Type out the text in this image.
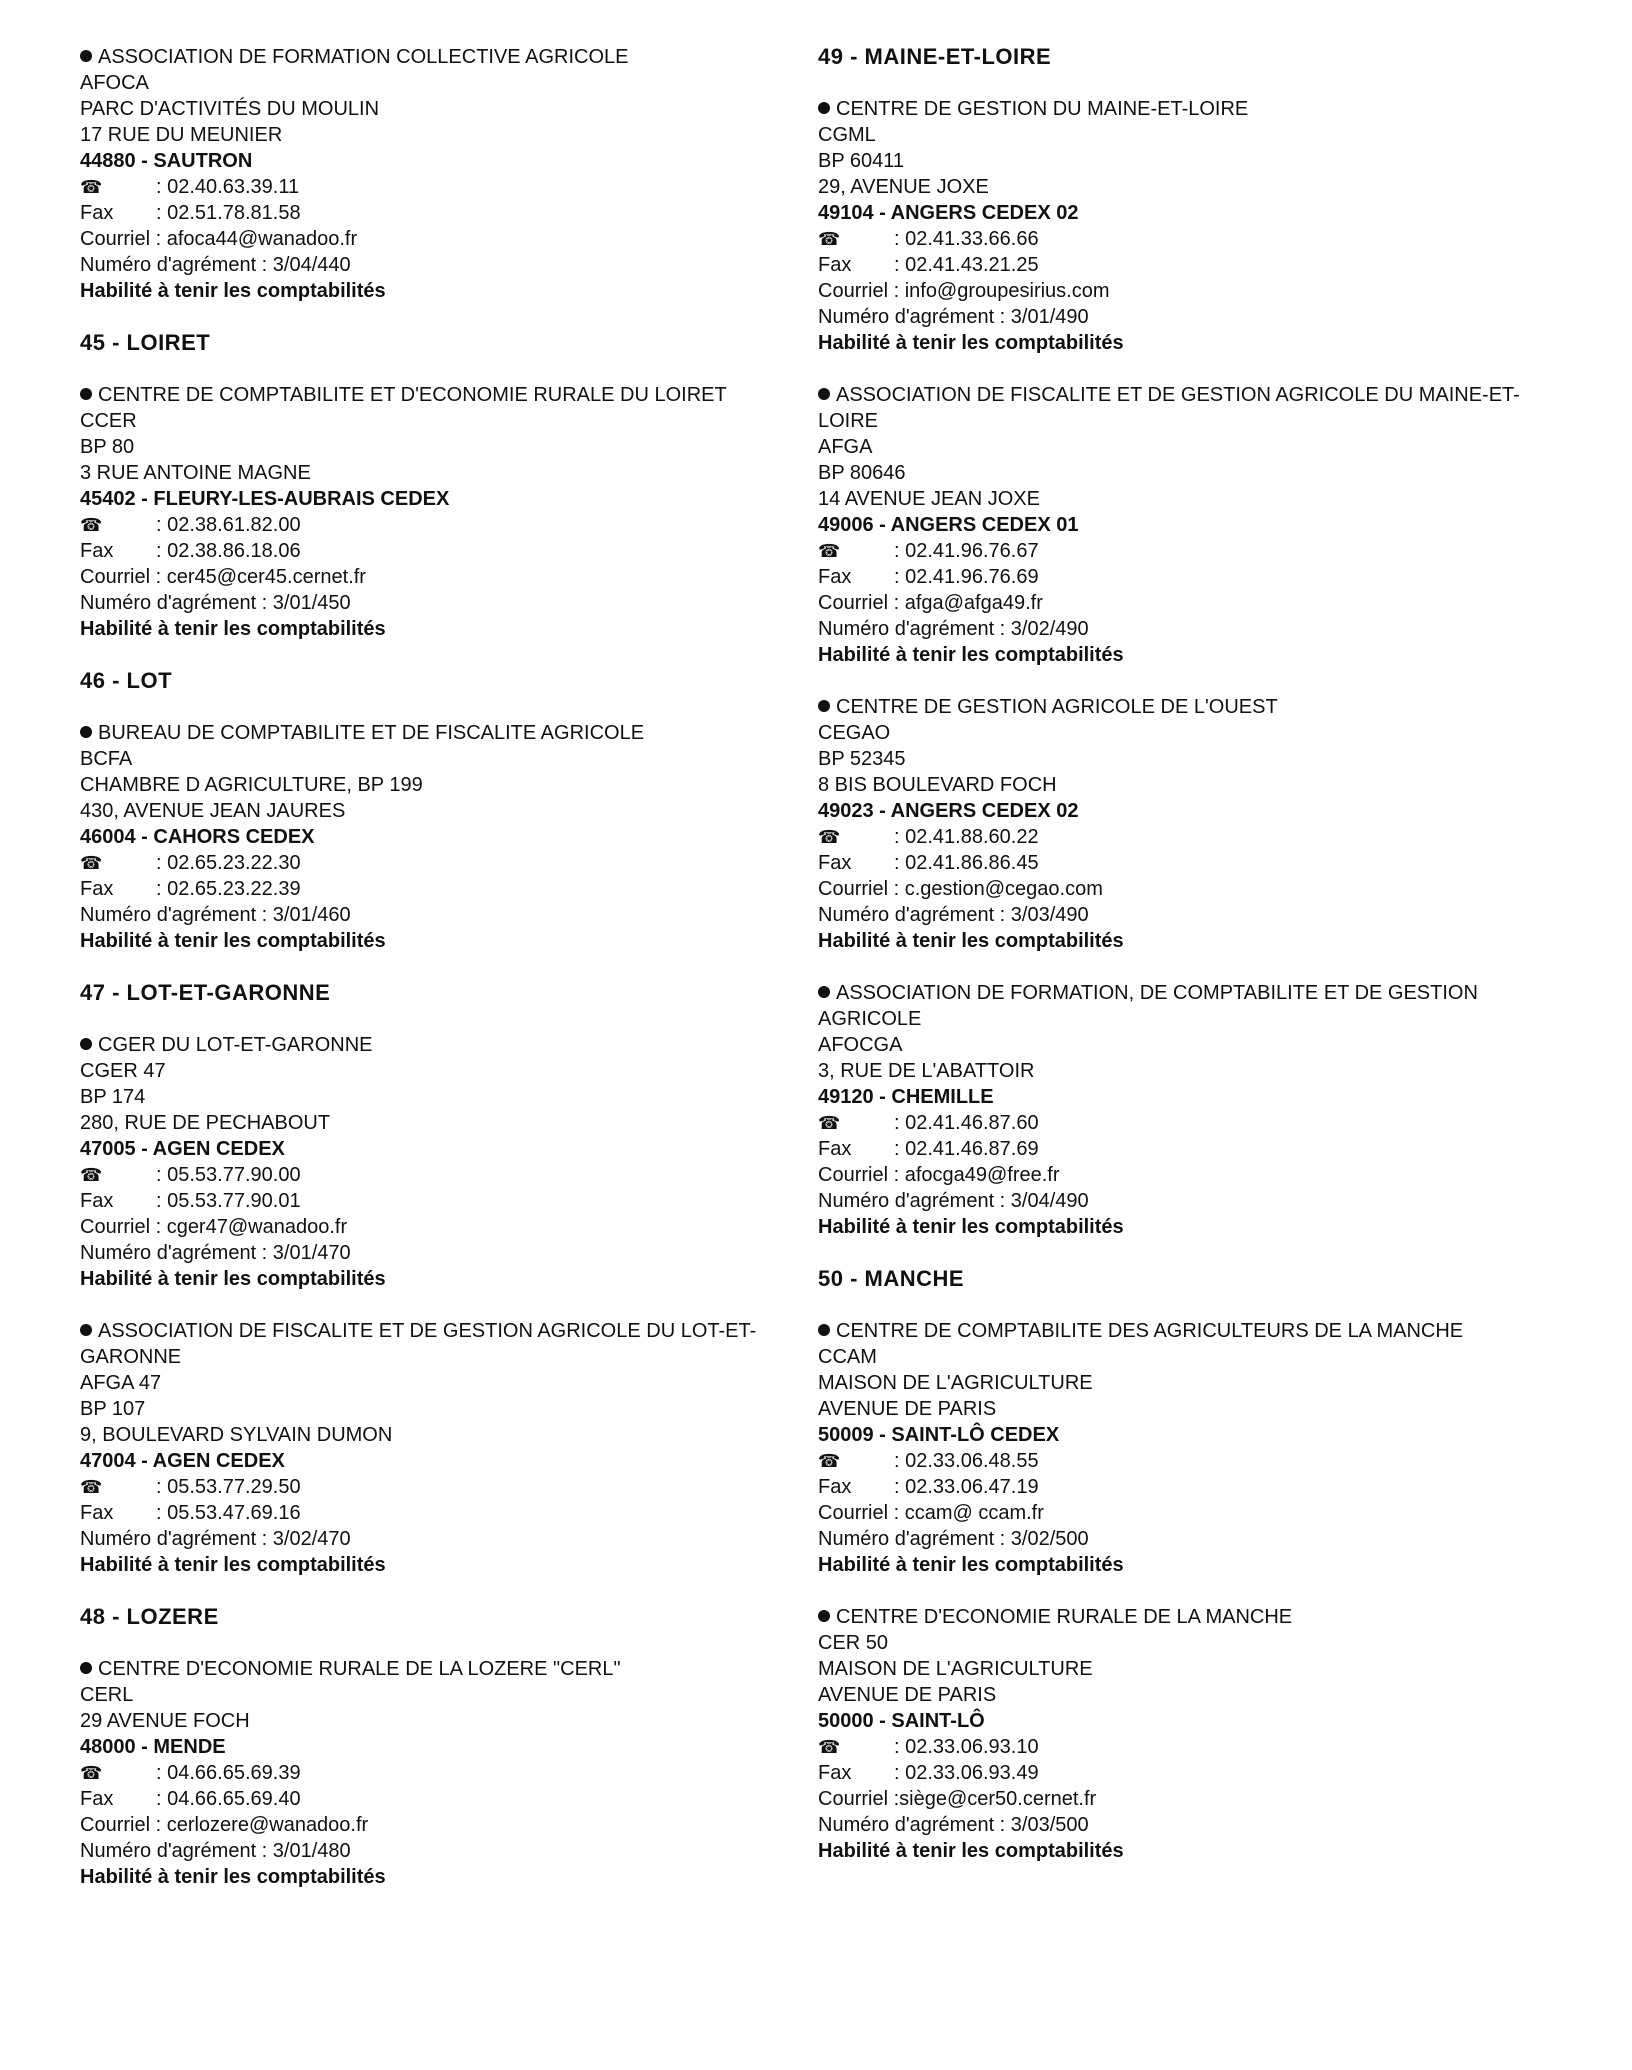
ASSOCIATION DE FORMATION COLLECTIVE AGRICOLE
AFOCA
PARC D'ACTIVITÉS DU MOULIN
17 RUE DU MEUNIER
44880 - SAUTRON
☎	: 02.40.63.39.11
Fax : 02.51.78.81.58
Courriel : afoca44@wanadoo.fr
Numéro d'agrément : 3/04/440
Habilité à tenir les comptabilités
45 - LOIRET
CENTRE DE COMPTABILITE ET D'ECONOMIE RURALE DU LOIRET
CCER
BP 80
3 RUE ANTOINE MAGNE
45402 - FLEURY-LES-AUBRAIS CEDEX
☎	: 02.38.61.82.00
Fax : 02.38.86.18.06
Courriel : cer45@cer45.cernet.fr
Numéro d'agrément : 3/01/450
Habilité à tenir les comptabilités
46 - LOT
BUREAU DE COMPTABILITE ET DE FISCALITE AGRICOLE
BCFA
CHAMBRE D AGRICULTURE, BP 199
430, AVENUE JEAN JAURES
46004 - CAHORS CEDEX
☎	: 02.65.23.22.30
Fax : 02.65.23.22.39
Numéro d'agrément : 3/01/460
Habilité à tenir les comptabilités
47 - LOT-ET-GARONNE
CGER DU LOT-ET-GARONNE
CGER 47
BP 174
280, RUE DE PECHABOUT
47005 - AGEN CEDEX
☎	: 05.53.77.90.00
Fax : 05.53.77.90.01
Courriel : cger47@wanadoo.fr
Numéro d'agrément : 3/01/470
Habilité à tenir les comptabilités
ASSOCIATION DE FISCALITE ET DE GESTION AGRICOLE DU LOT-ET-GARONNE
AFGA 47
BP 107
9, BOULEVARD SYLVAIN DUMON
47004 - AGEN CEDEX
☎	: 05.53.77.29.50
Fax : 05.53.47.69.16
Numéro d'agrément : 3/02/470
Habilité à tenir les comptabilités
48 - LOZERE
CENTRE D'ECONOMIE RURALE DE LA LOZERE "CERL"
CERL
29 AVENUE FOCH
48000 - MENDE
☎	: 04.66.65.69.39
Fax : 04.66.65.69.40
Courriel : cerlozere@wanadoo.fr
Numéro d'agrément : 3/01/480
Habilité à tenir les comptabilités
49 - MAINE-ET-LOIRE
CENTRE DE GESTION DU MAINE-ET-LOIRE
CGML
BP 60411
29, AVENUE JOXE
49104 - ANGERS CEDEX 02
☎	: 02.41.33.66.66
Fax : 02.41.43.21.25
Courriel : info@groupesirius.com
Numéro d'agrément : 3/01/490
Habilité à tenir les comptabilités
ASSOCIATION DE FISCALITE ET DE GESTION AGRICOLE DU MAINE-ET-LOIRE
AFGA
BP 80646
14 AVENUE JEAN JOXE
49006 - ANGERS CEDEX 01
☎	: 02.41.96.76.67
Fax : 02.41.96.76.69
Courriel : afga@afga49.fr
Numéro d'agrément : 3/02/490
Habilité à tenir les comptabilités
CENTRE DE GESTION AGRICOLE DE L'OUEST
CEGAO
BP 52345
8 BIS BOULEVARD FOCH
49023 - ANGERS CEDEX 02
☎	: 02.41.88.60.22
Fax : 02.41.86.86.45
Courriel : c.gestion@cegao.com
Numéro d'agrément : 3/03/490
Habilité à tenir les comptabilités
ASSOCIATION DE FORMATION, DE COMPTABILITE ET DE GESTION AGRICOLE
AFOCGA
3, RUE DE L'ABATTOIR
49120 - CHEMILLE
☎	: 02.41.46.87.60
Fax : 02.41.46.87.69
Courriel : afocga49@free.fr
Numéro d'agrément : 3/04/490
Habilité à tenir les comptabilités
50 - MANCHE
CENTRE DE COMPTABILITE DES AGRICULTEURS DE LA MANCHE
CCAM
MAISON DE L'AGRICULTURE
AVENUE DE PARIS
50009 - SAINT-LÔ CEDEX
☎	: 02.33.06.48.55
Fax : 02.33.06.47.19
Courriel : ccam@ ccam.fr
Numéro d'agrément : 3/02/500
Habilité à tenir les comptabilités
CENTRE D'ECONOMIE RURALE DE LA MANCHE
CER 50
MAISON DE L'AGRICULTURE
AVENUE DE PARIS
50000 - SAINT-LÔ
☎	: 02.33.06.93.10
Fax : 02.33.06.93.49
Courriel :siège@cer50.cernet.fr
Numéro d'agrément : 3/03/500
Habilité à tenir les comptabilités
